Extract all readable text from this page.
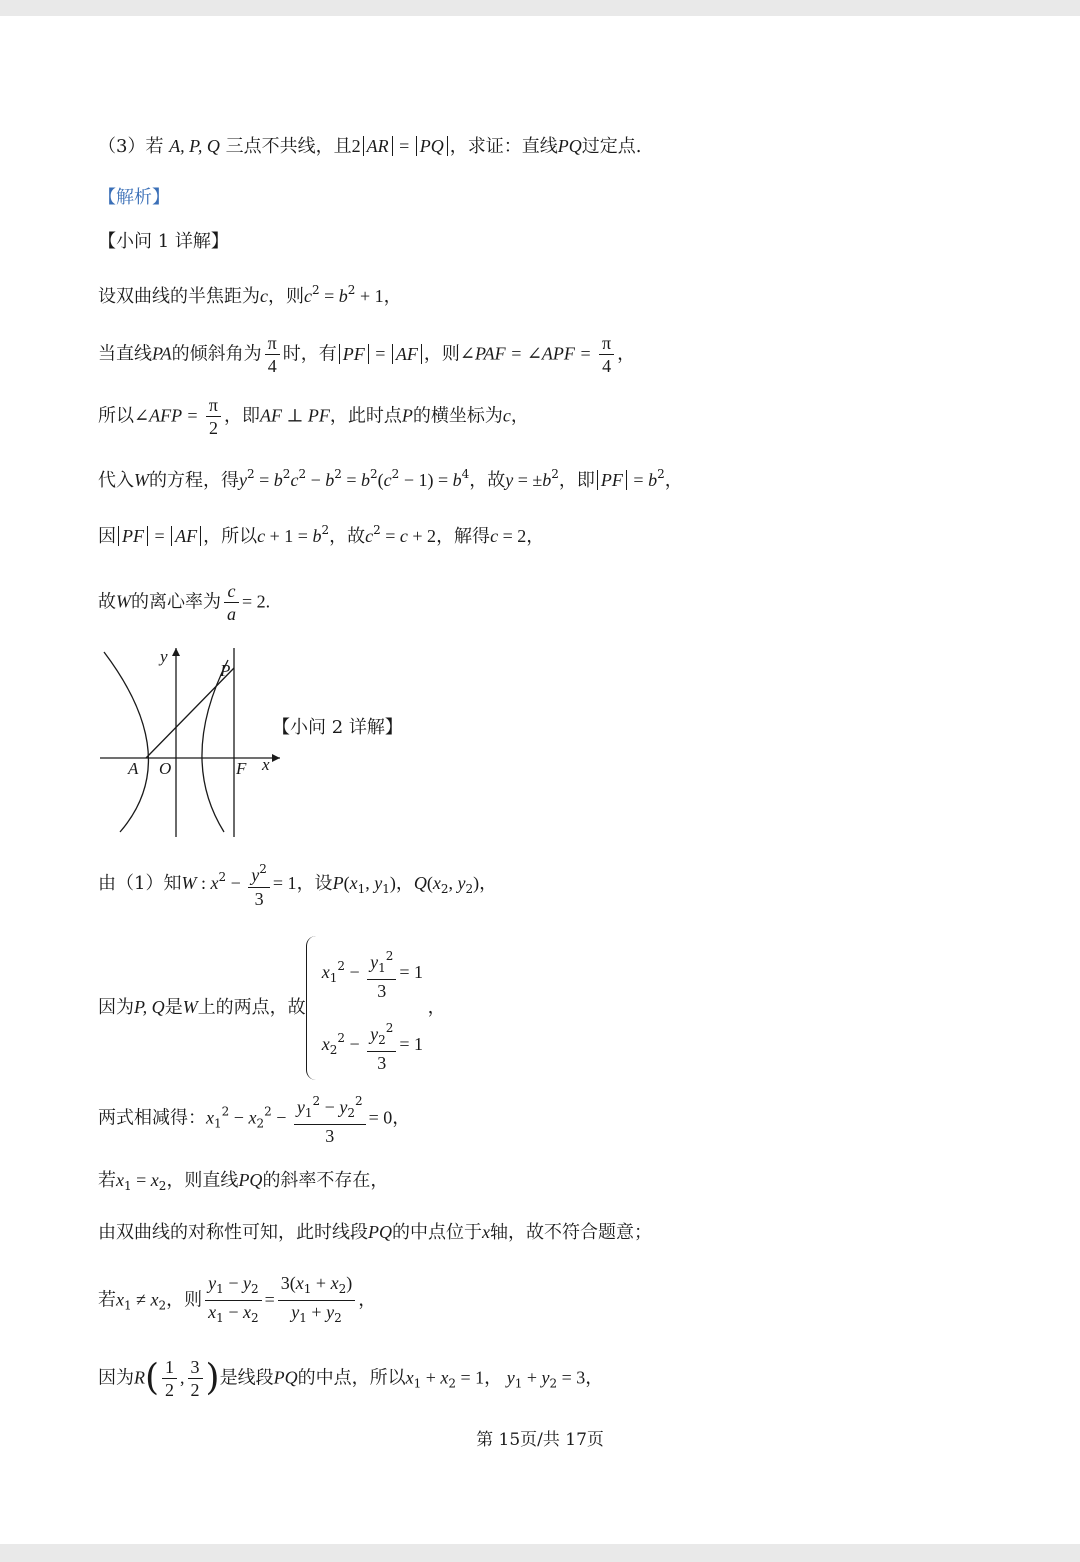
（3）若 A, P, Q 三点不共线，且2 AR = PQ ，求证：直线PQ过定点.
【解析】
【小问 1 详解】
设双曲线的半焦距为c，则$c^2 = b^2 + 1$，
当直线PA的倾斜角为 $\frac{\pi}{4}$ 时，有 PF = AF ，则∠PAF = ∠APF = $\frac{\pi}{4}$ ，
所以∠AFP = $\frac{\pi}{2}$ ，即AF ⊥ PF，此时点P的横坐标为c，
代入W的方程，得$y^2 = b^2c^2 - b^2 = b^2(c^2 - 1) = b^4$，故$y = \pm b^2$，即 PF = $b^2$，
因 PF = AF ，所以$c + 1 = b^2$，故$c^2 = c + 2$，解得c = 2，
故W的离心率为 $\frac{c}{a} = 2$.
y
P
A O	F x
【小问 2 详解】
由（1）知W : $x^2 - \frac{y^2}{3} = 1$，设$P(x_1$, $y_1$)，$Q(x_2$, $y_2$)，
因为P, Q是W上的两点，故
$x_1^2 - \frac{y_1^2}{3} = 1$
$x_2^2 - \frac{y_2^2}{3} = 1$
，
两式相减得：$x_1^2 - x_2^2 - \frac{y_1^2 - y_2^2}{3} = 0$，
若$x_1 = x_2$，则直线PQ的斜率不存在，
由双曲线的对称性可知，此时线段PQ的中点位于x轴，故不符合题意；
若$x_1 \ne x_2$，则 $\frac{y_1 - y_2}{x_1 - x_2} = \frac{3(x_1 + x_2)}{y_1 + y_2}$ ，
因为$R( \frac{1}{2}$ , $\frac{3}{2}$ )是线段PQ的中点，所以$x_1 + x_2 = 1$， $y_1 + y_2 = 3$，
第 15页/共 17页
